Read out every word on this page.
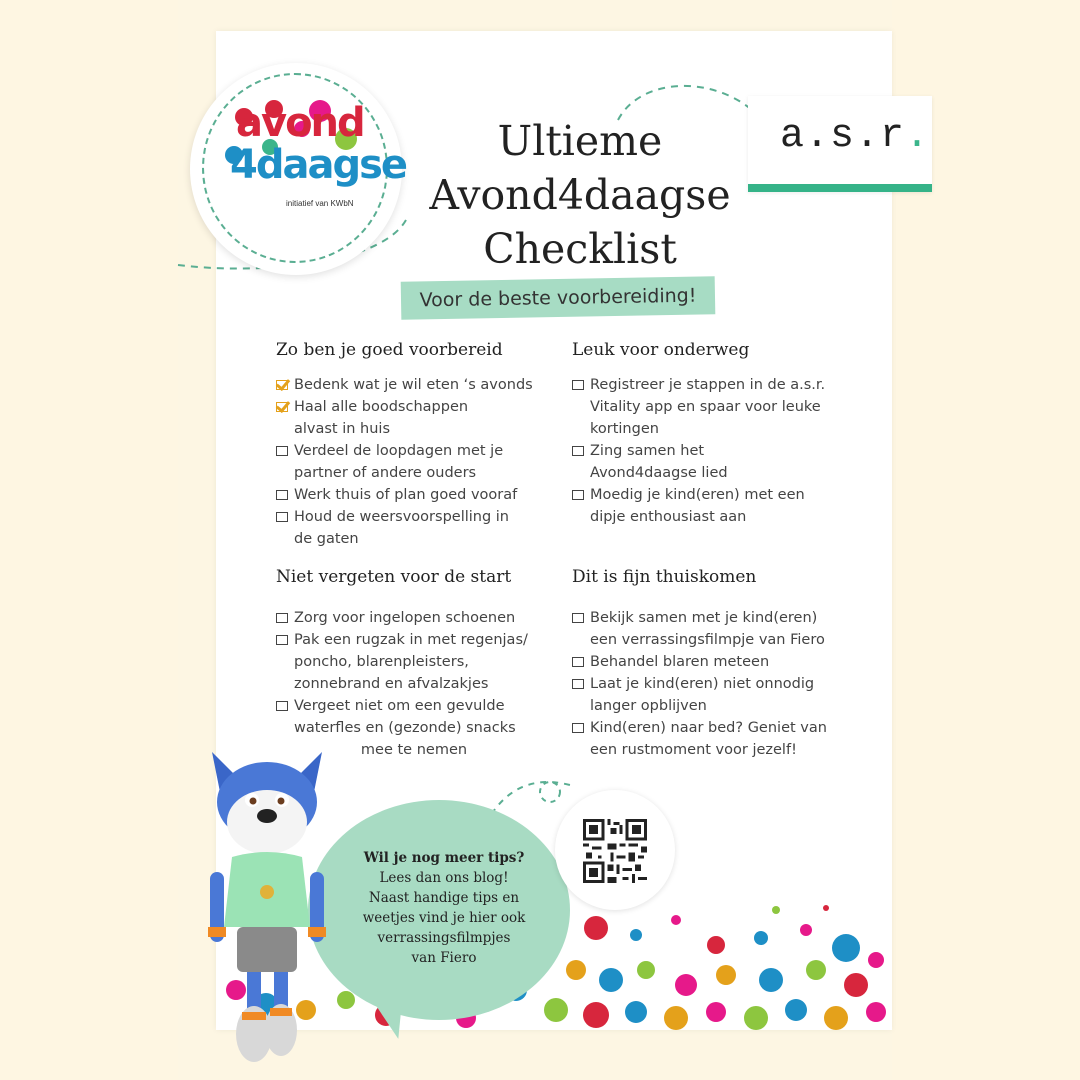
avond
4daagse
initiatief van KWbN
a.s.r.
Ultieme
Avond4daagse
Checklist
Voor de beste voorbereiding!
Zo ben je goed voorbereid
Bedenk wat je wil eten ‘s avonds
Haal alle boodschappen alvast in huis
Verdeel de loopdagen met je partner of andere ouders
Werk thuis of plan goed vooraf
Houd de weersvoorspelling in de gaten
Leuk voor onderweg
Registreer je stappen in de a.s.r. Vitality app en spaar voor leuke kortingen
Zing samen het Avond4daagse lied
Moedig je kind(eren) met een dipje enthousiast aan
Niet vergeten voor de start
Zorg voor ingelopen schoenen
Pak een rugzak in met regenjas/ poncho, blarenpleisters, zonnebrand en afvalzakjes
Vergeet niet om een gevulde waterfles en (gezonde) snacks
mee te nemen
Dit is fijn thuiskomen
Bekijk samen met je kind(eren) een verrassingsfilmpje van Fiero
Behandel blaren meteen
Laat je kind(eren) niet onnodig langer opblijven
Kind(eren) naar bed? Geniet van een rustmoment voor jezelf!
Wil je nog meer tips?
Lees dan ons blog!
Naast handige tips en
weetjes vind je hier ook
verrassingsfilmpjes
van Fiero
